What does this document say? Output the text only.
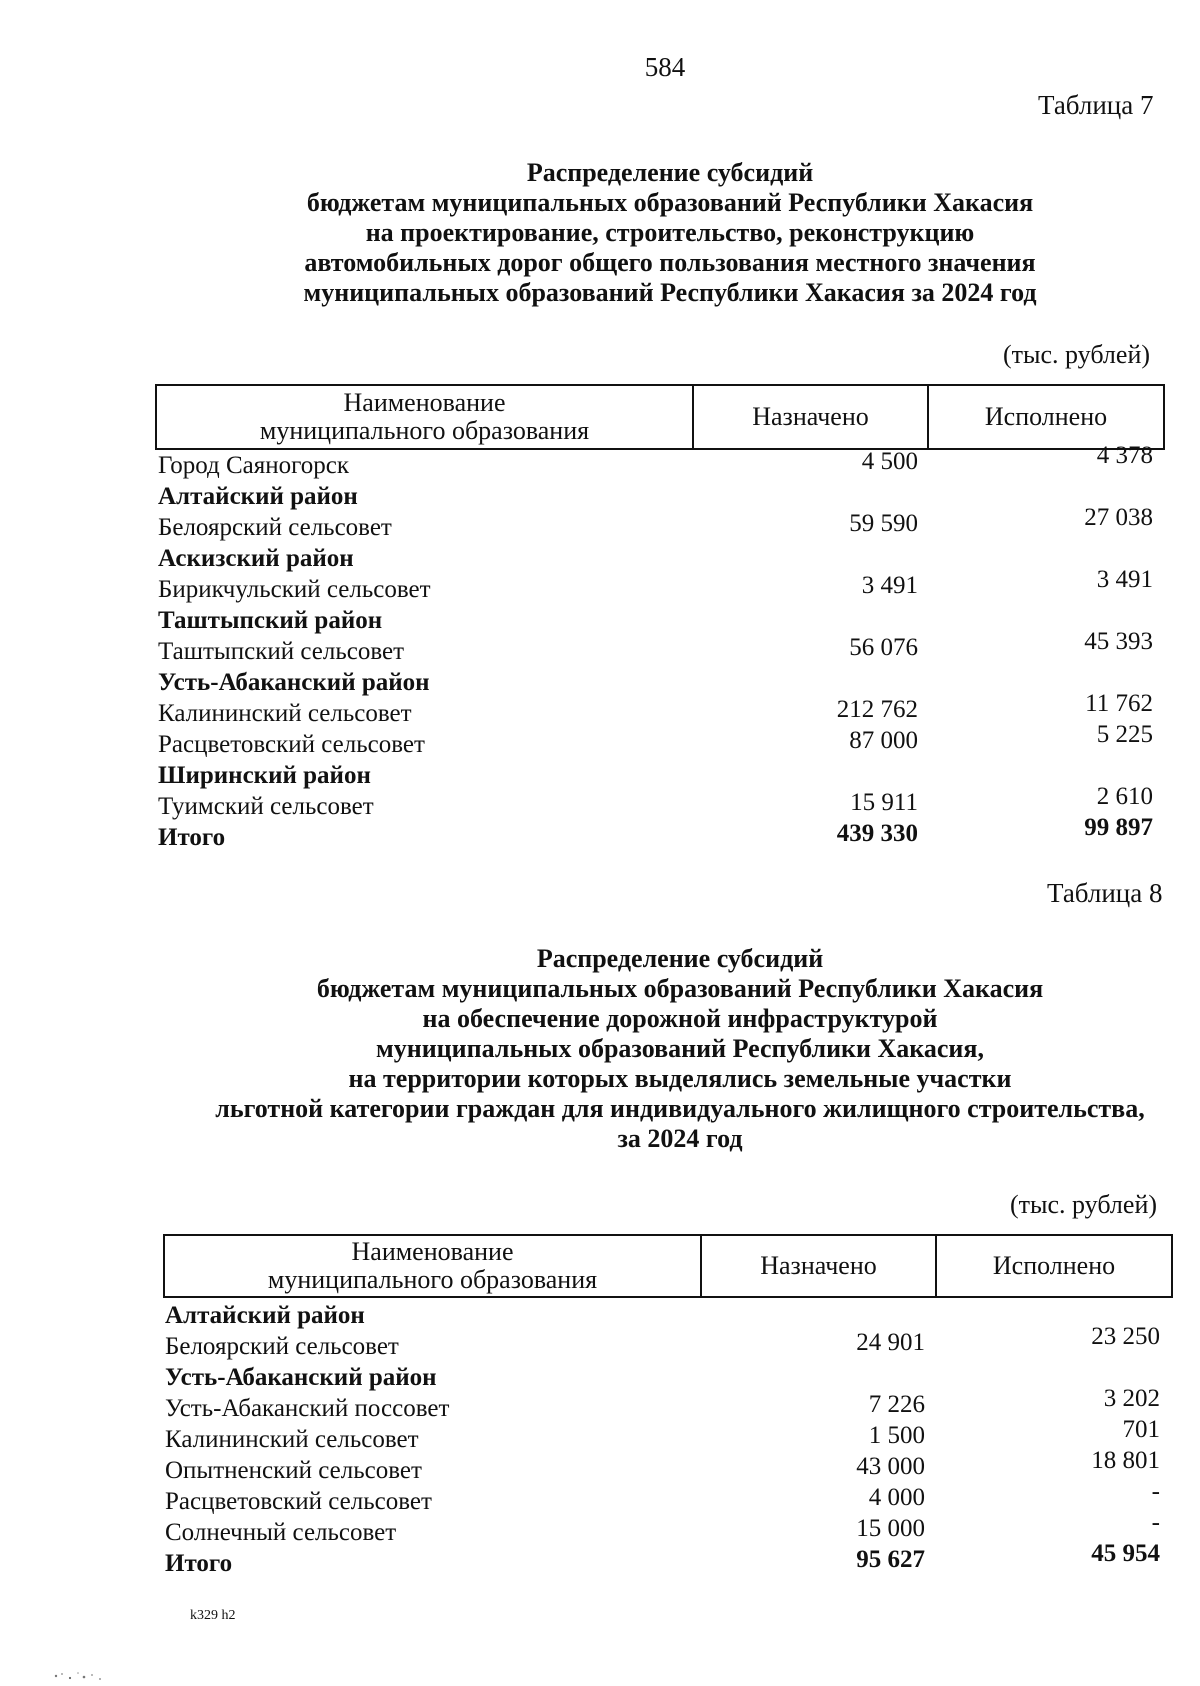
584
Таблица 7
Распределение субсидий
бюджетам муниципальных образований Республики Хакасия
на проектирование, строительство, реконструкцию
автомобильных дорог общего пользования местного значения
муниципальных образований Республики Хакасия за 2024 год
(тыс. рублей)
Наименование
муниципального образования	Назначено	Исполнено
Город Саяногорск	4 500	4 378
Алтайский район
Белоярский сельсовет	59 590	27 038
Аскизский район
Бирикчульский сельсовет	3 491	3 491
Таштыпский район
Таштыпский сельсовет	56 076	45 393
Усть-Абаканский район
Калининский сельсовет	212 762	11 762
Расцветовский сельсовет	87 000	5 225
Ширинский район
Туимский сельсовет	15 911	2 610
Итого	439 330	99 897
Таблица 8
Распределение субсидий
бюджетам муниципальных образований Республики Хакасия
на обеспечение дорожной инфраструктурой
муниципальных образований Республики Хакасия,
на территории которых выделялись земельные участки
льготной категории граждан для индивидуального жилищного строительства,
за 2024 год
(тыс. рублей)
Наименование
муниципального образования	Назначено	Исполнено
Алтайский район
Белоярский сельсовет	24 901	23 250
Усть-Абаканский район
Усть-Абаканский поссовет	7 226	3 202
Калининский сельсовет	1 500	701
Опытненский сельсовет	43 000	18 801
Расцветовский сельсовет	4 000	-
Солнечный сельсовет	15 000	-
Итого	95 627	45 954
k329 h2
